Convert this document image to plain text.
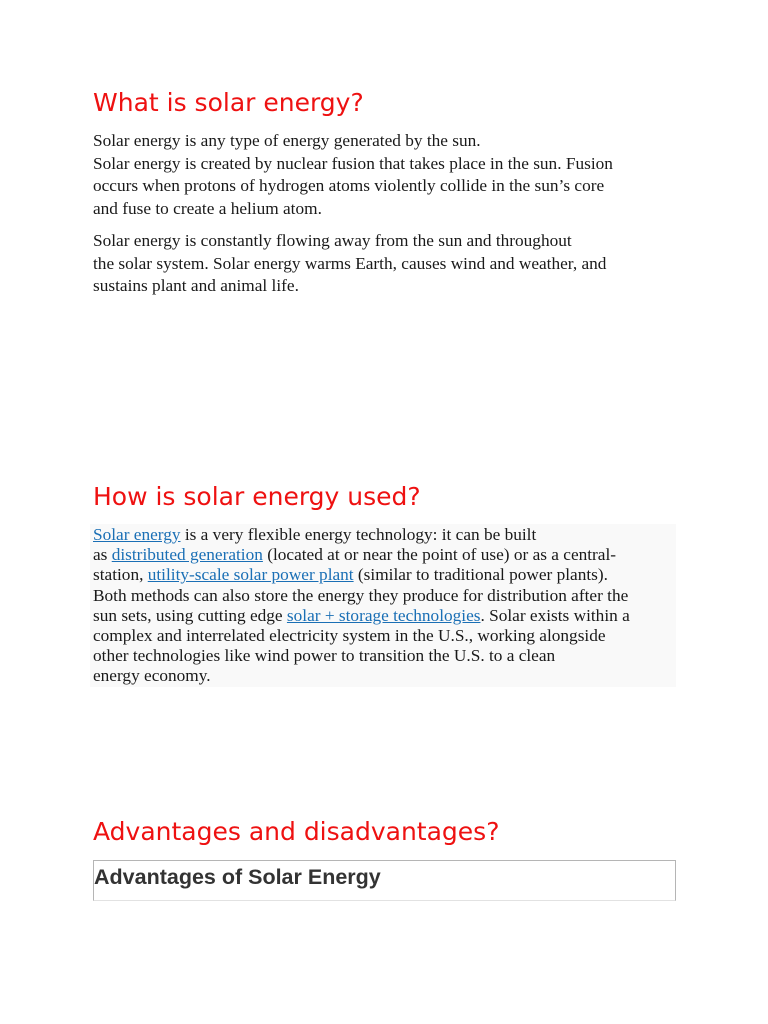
What is solar energy?

Solar energy is any type of energy generated by the sun.
Solar energy is created by nuclear fusion that takes place in the sun. Fusion
occurs when protons of hydrogen atoms violently collide in the sun’s core
and fuse to create a helium atom.

Solar energy is constantly flowing away from the sun and throughout
the solar system. Solar energy warms Earth, causes wind and weather, and
sustains plant and animal life.

How is solar energy used?

Solar energy is a very flexible energy technology: it can be built
as distributed generation (located at or near the point of use) or as a central-
station, utility-scale solar power plant (similar to traditional power plants).
Both methods can also store the energy they produce for distribution after the
sun sets, using cutting edge solar + storage technologies. Solar exists within a
complex and interrelated electricity system in the U.S., working alongside
other technologies like wind power to transition the U.S. to a clean
energy economy.

Advantages and disadvantages?
Advantages of Solar Energy
